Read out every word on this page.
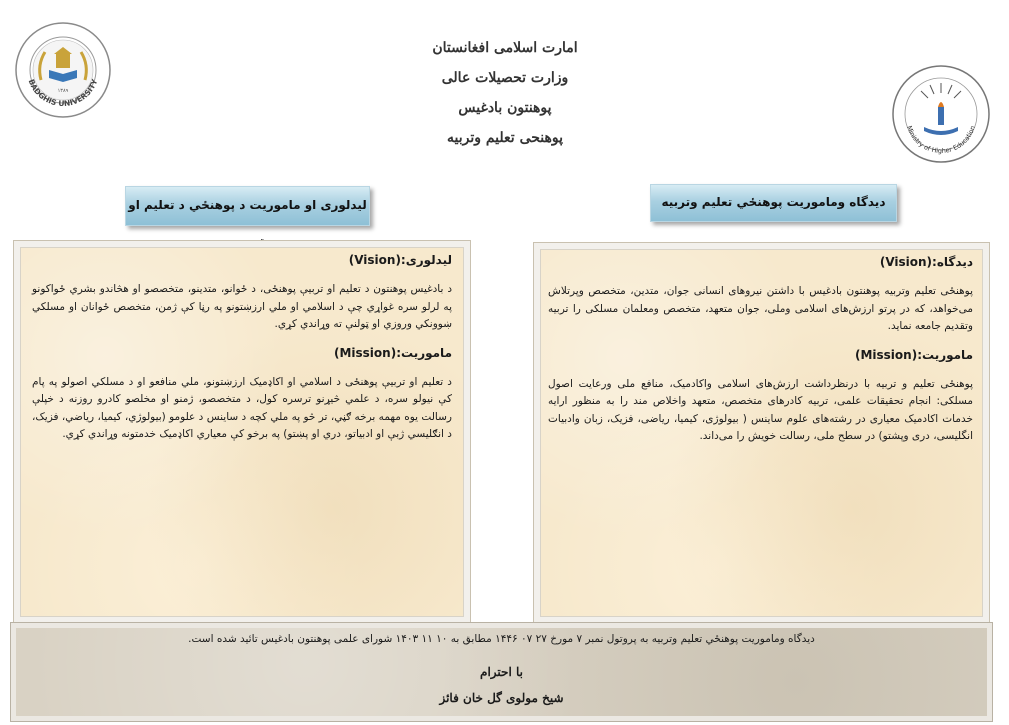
امارت اسلامی افغانستان
وزارت تحصیلات عالی
پوهنتون بادغیس
پوهنحی تعلیم وتربیه
١٣٨٩
BADGHIS UNIVERSITY
Ministry of Higher Education
لیدلوری او ماموریت د پوهنځي د تعلیم او	دیدگاه وماموریت پوهنځي تعلیم وتربیه
لیدلوری:(Vision)

د بادغیس پوهنتون د تعلیم او تربیې پوهنځی، د ځوانو، متدینو، متخصصو او هڅاندو بشري ځواکونو په لرلو سره غواړي چې د اسلامي او ملي ارزښتونو په رڼا کې ژمن، متخصص ځوانان او مسلکي ښوونکي وروزي او ټولنې ته وړاندي کړي.

ماموریت:(Mission)

د تعلیم او تربیې پوهنځی د اسلامي او اکاډمیک ارزښتونو، ملي منافعو او د مسلکي اصولو په پام کې نیولو سره، د علمي څیړنو ترسره کول، د متخصصو، ژمنو او مخلصو کادرو روزنه د خپلې رسالت یوه مهمه برخه ګڼي، تر څو په ملي کچه د ساینس د علومو (بیولوژي، کیمیا، ریاضي، فزیک، د انګلیسي ژبې او ادبیاتو، دري او پښتو) په برخو کې معیاري اکاډمیک خدمتونه وړاندي کړي.

دیدگاه:(Vision)

پوهنځی تعلیم وتربیه پوهنتون بادغیس با داشتن نیروهای انسانی جوان، متدین، متخصص وپرتلاش می‌خواهد، که در پرتو ارزش‌های اسلامی وملی، جوان متعهد، متخصص ومعلمان مسلکی را تربیه وتقدیم جامعه نماید.

ماموریت:(Mission)

پوهنځی تعلیم و تربیه با درنظرداشت ارزش‌های اسلامی واکادمیک، منافع ملی ورعایت اصول مسلکی: انجام تحقیقات علمی، تربیه کادرهای متخصص، متعهد واخلاص مند را به منظور ارایه خدمات اکادمیک معیاری در رشته‌های علوم ساینس ( بیولوژی، کیمیا، ریاضی، فزیک، زبان وادبیات انگلیسی، دری وپشتو) در سطح ملی، رسالت خویش را می‌داند.

دیدگاه وماموریت پوهنځي تعلیم وتربیه به پروتول نمبر ۷ مورخ ۲۷ ۰۷ ۱۴۴۶ مطابق به ۱۰ ۱۱ ۱۴۰۳ شورای علمی پوهنتون بادغیس تائید شده است.
با احترام
شیخ مولوی گل خان فائز
